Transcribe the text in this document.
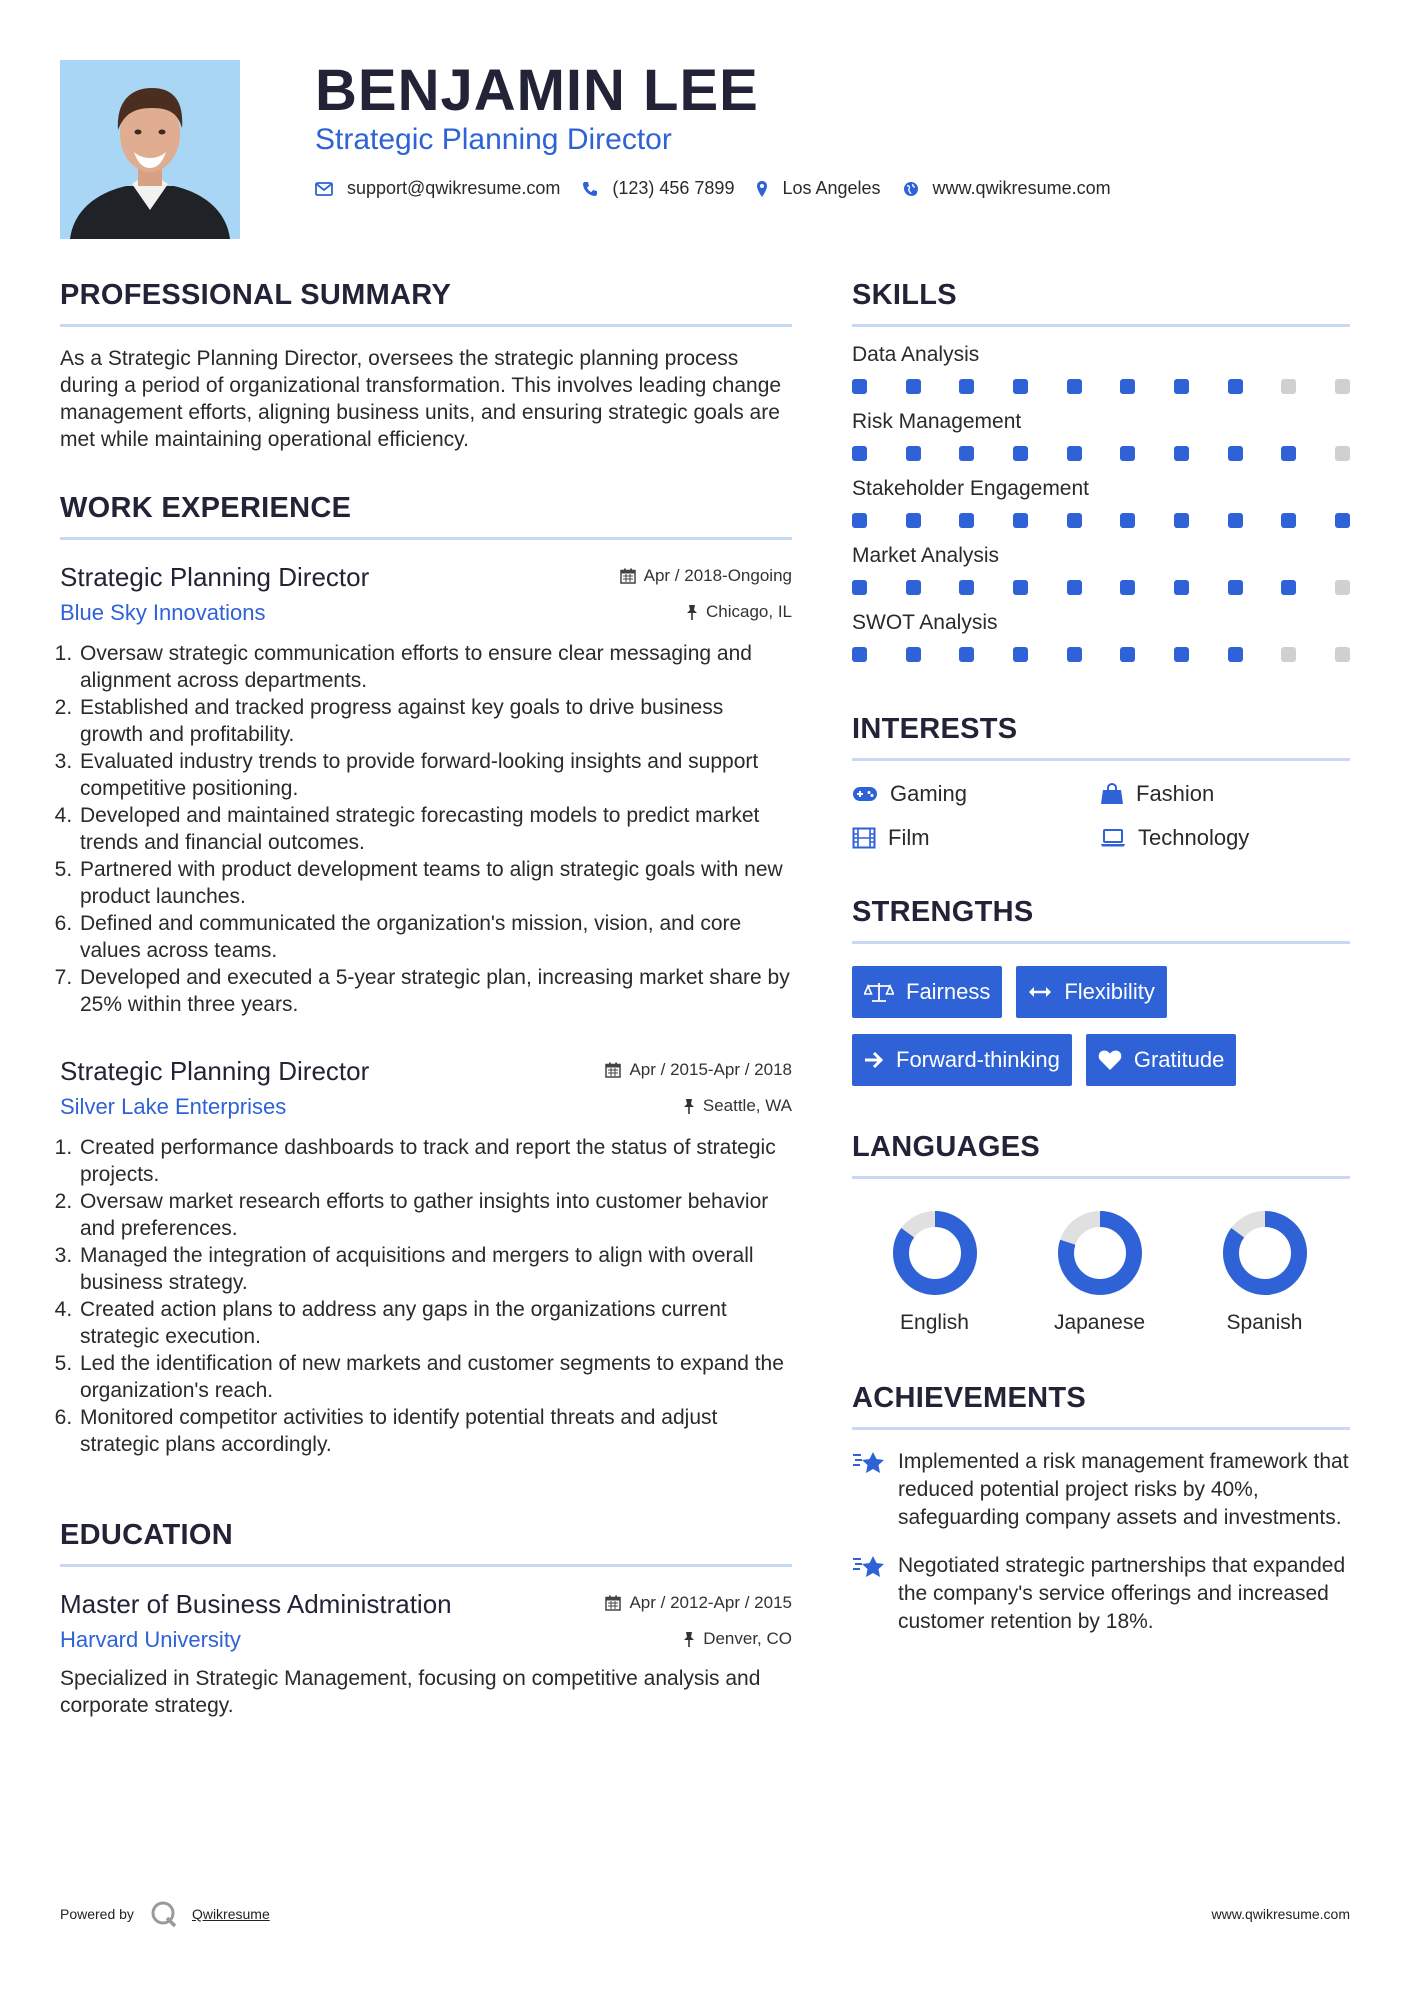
BENJAMIN LEE
Strategic Planning Director
support@qwikresume.com	(123) 456 7899	Los Angeles	www.qwikresume.com
PROFESSIONAL SUMMARY

As a Strategic Planning Director, oversees the strategic planning process during a period of organizational transformation. This involves leading change management efforts, aligning business units, and ensuring strategic goals are met while maintaining operational efficiency.

WORK EXPERIENCE
Strategic Planning Director
Blue Sky Innovations
Apr / 2018-Ongoing
Chicago, IL
1. Oversaw strategic communication efforts to ensure clear messaging and alignment across departments.
2. Established and tracked progress against key goals to drive business growth and profitability.
3. Evaluated industry trends to provide forward-looking insights and support competitive positioning.
4. Developed and maintained strategic forecasting models to predict market trends and financial outcomes.
5. Partnered with product development teams to align strategic goals with new product launches.
6. Defined and communicated the organization's mission, vision, and core values across teams.
7. Developed and executed a 5-year strategic plan, increasing market share by 25% within three years.
Strategic Planning Director
Silver Lake Enterprises
Apr / 2015-Apr / 2018
Seattle, WA
1. Created performance dashboards to track and report the status of strategic projects.
2. Oversaw market research efforts to gather insights into customer behavior and preferences.
3. Managed the integration of acquisitions and mergers to align with overall business strategy.
4. Created action plans to address any gaps in the organizations current strategic execution.
5. Led the identification of new markets and customer segments to expand the organization's reach.
6. Monitored competitor activities to identify potential threats and adjust strategic plans accordingly.
EDUCATION
Master of Business Administration
Harvard University
Apr / 2012-Apr / 2015
Denver, CO

Specialized in Strategic Management, focusing on competitive analysis and corporate strategy.

SKILLS
Data Analysis
Risk Management
Stakeholder Engagement
Market Analysis
SWOT Analysis
INTERESTS
Gaming	Fashion
Film	Technology
STRENGTHS
Fairness	Flexibility
Forward-thinking	Gratitude
LANGUAGES
English	Japanese	Spanish
ACHIEVEMENTS

Implemented a risk management framework that reduced potential project risks by 40%, safeguarding company assets and investments.

Negotiated strategic partnerships that expanded the company's service offerings and increased customer retention by 18%.

Powered by	Qwikresume	www.qwikresume.com
